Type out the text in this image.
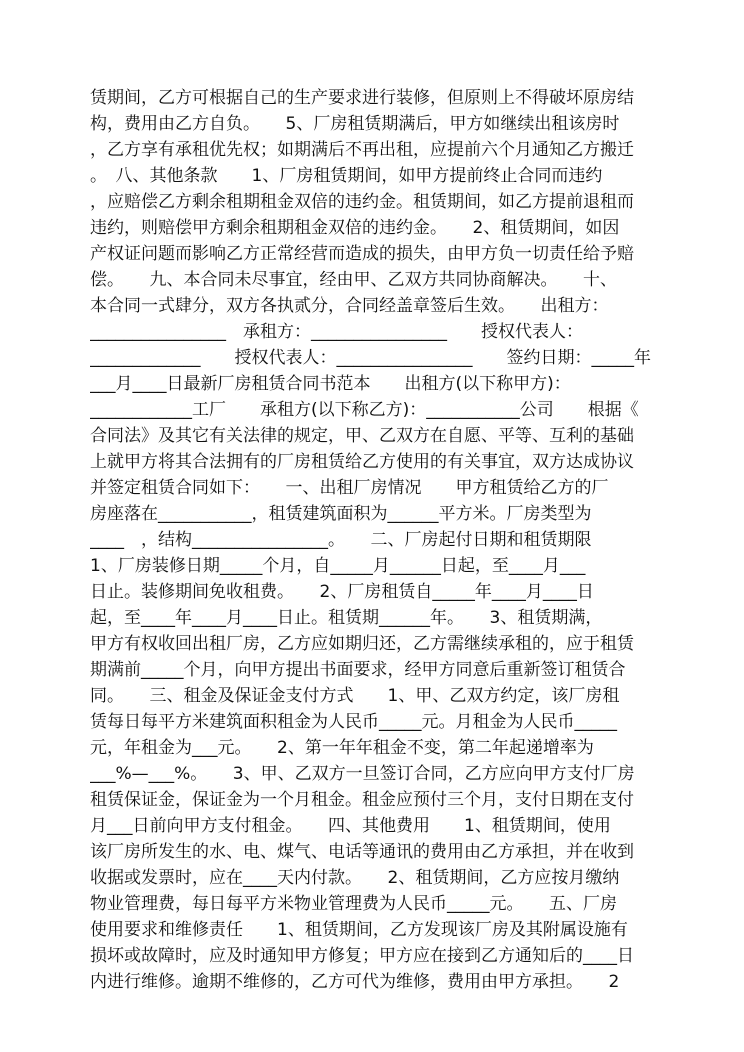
赁期间，乙方可根据自己的生产要求进行装修，但原则上不得破坏原房结
构，费用由乙方自负。　　5、厂房租赁期满后，甲方如继续出租该房时
，乙方享有承租优先权；如期满后不再出租，应提前六个月通知乙方搬迁
。　八、其他条款　　1、厂房租赁期间，如甲方提前终止合同而违约
，应赔偿乙方剩余租期租金双倍的违约金。租赁期间，如乙方提前退租而
违约，则赔偿甲方剩余租期租金双倍的违约金。　　2、租赁期间，如因
产权证问题而影响乙方正常经营而造成的损失，由甲方负一切责任给予赔
偿。　　九、本合同未尽事宜，经由甲、乙双方共同协商解决。　　十、
本合同一式肆分，双方各执贰分，合同经盖章签后生效。　　出租方：
________________　承租方：________________　　授权代表人：
_____________　　授权代表人：________________　　签约日期：_____年
___月____日最新厂房租赁合同书范本　　出租方(以下称甲方)：
____________工厂　　承租方(以下称乙方)：___________公司　　根据《
合同法》及其它有关法律的规定，甲、乙双方在自愿、平等、互利的基础
上就甲方将其合法拥有的厂房租赁给乙方使用的有关事宜，双方达成协议
并签定租赁合同如下：　　一、出租厂房情况　　甲方租赁给乙方的厂
房座落在___________，租赁建筑面积为______平方米。厂房类型为
____　，结构________________。　　二、厂房起付日期和租赁期限
1、厂房装修日期_____个月，自_____月______日起，至____月___
日止。装修期间免收租费。　　2、厂房租赁自_____年____月____日
起，至____年____月____日止。租赁期______年。　　3、租赁期满，
甲方有权收回出租厂房，乙方应如期归还，乙方需继续承租的，应于租赁
期满前_____个月，向甲方提出书面要求，经甲方同意后重新签订租赁合
同。　　三、租金及保证金支付方式　　1、甲、乙双方约定，该厂房租
赁每日每平方米建筑面积租金为人民币_____元。月租金为人民币_____
元，年租金为___元。　　2、第一年年租金不变，第二年起递增率为
___%—___%。　　3、甲、乙双方一旦签订合同，乙方应向甲方支付厂房
租赁保证金，保证金为一个月租金。租金应预付三个月，支付日期在支付
月___日前向甲方支付租金。　　四、其他费用　　1、租赁期间，使用
该厂房所发生的水、电、煤气、电话等通讯的费用由乙方承担，并在收到
收据或发票时，应在____天内付款。　　2、租赁期间，乙方应按月缴纳
物业管理费，每日每平方米物业管理费为人民币_____元。　　五、厂房
使用要求和维修责任　　1、租赁期间，乙方发现该厂房及其附属设施有
损坏或故障时，应及时通知甲方修复；甲方应在接到乙方通知后的____日
内进行维修。逾期不维修的，乙方可代为维修，费用由甲方承担。　　2
